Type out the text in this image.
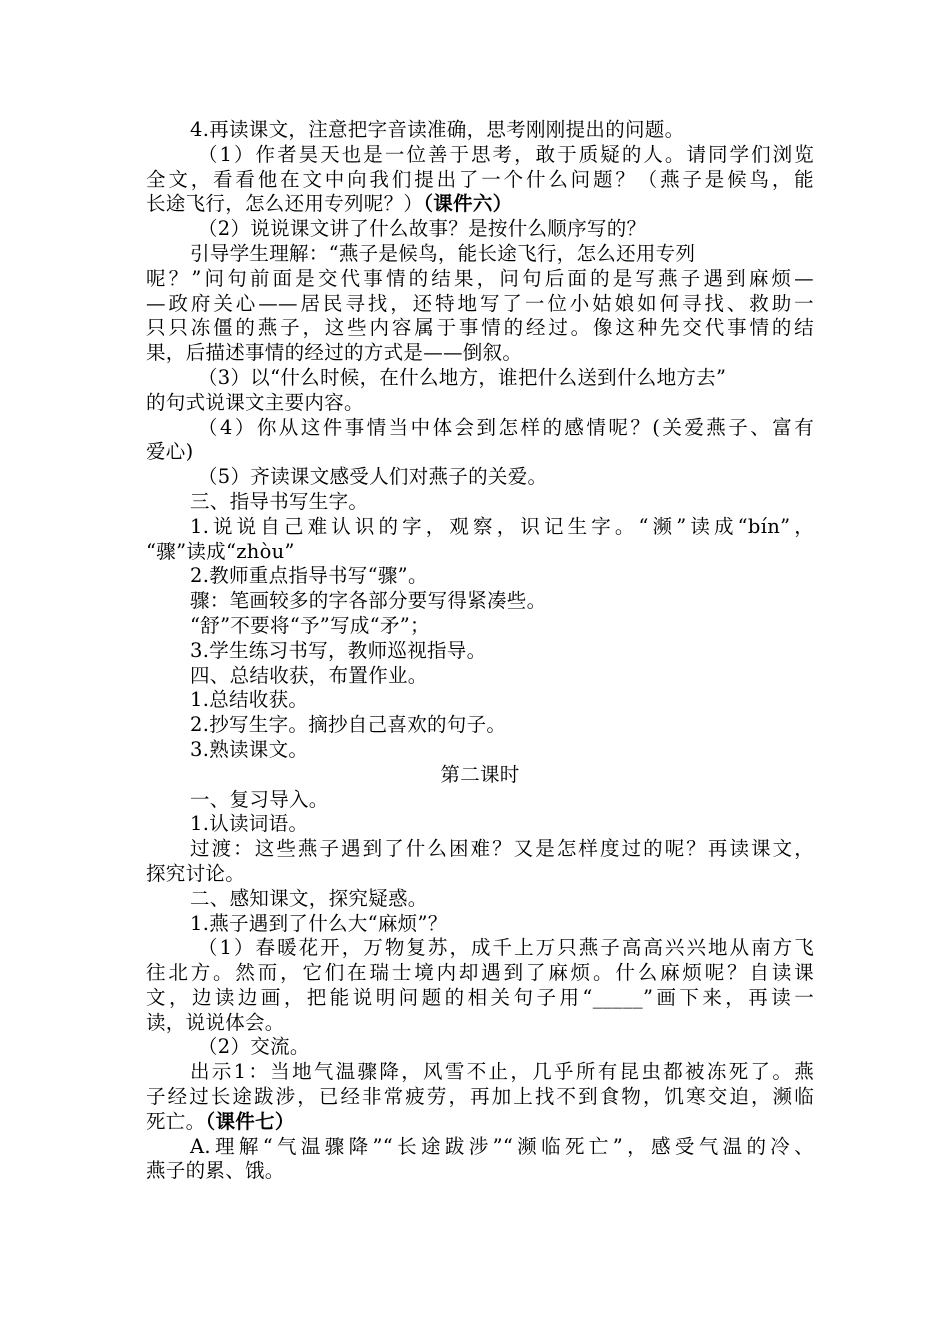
4.再读课文，注意把字音读准确，思考刚刚提出的问题。
（1）作者昊天也是一位善于思考，敢于质疑的人。请同学们浏览
全文，看看他在文中向我们提出了一个什么问题？（燕子是候鸟，能
长途飞行，怎么还用专列呢？）（课件六）
（2）说说课文讲了什么故事？是按什么顺序写的？
引导学生理解：“燕子是候鸟，能长途飞行，怎么还用专列
呢？”问句前面是交代事情的结果，问句后面的是写燕子遇到麻烦—
—政府关心——居民寻找，还特地写了一位小姑娘如何寻找、救助一
只只冻僵的燕子，这些内容属于事情的经过。像这种先交代事情的结
果，后描述事情的经过的方式是——倒叙。
（3）以“什么时候，在什么地方，谁把什么送到什么地方去”
的句式说课文主要内容。
（4）你从这件事情当中体会到怎样的感情呢？(关爱燕子、富有
爱心)
（5）齐读课文感受人们对燕子的关爱。
三、指导书写生字。
1.说说自己难认识的字，观察，识记生字。“濒”读成“bín”，
“骤”读成“zhòu”
2.教师重点指导书写“骤”。
骤：笔画较多的字各部分要写得紧凑些。
“舒”不要将“予”写成“矛”；
3.学生练习书写，教师巡视指导。
四、总结收获，布置作业。
1.总结收获。
2.抄写生字。摘抄自己喜欢的句子。
3.熟读课文。
第二课时
一、复习导入。
1.认读词语。
过渡：这些燕子遇到了什么困难？又是怎样度过的呢？再读课文，
探究讨论。
二、感知课文，探究疑惑。
1.燕子遇到了什么大“麻烦”？
（1）春暖花开，万物复苏，成千上万只燕子高高兴兴地从南方飞
往北方。然而，它们在瑞士境内却遇到了麻烦。什么麻烦呢？自读课
文，边读边画，把能说明问题的相关句子用“_____”画下来，再读一
读，说说体会。
（2）交流。
出示1：当地气温骤降，风雪不止，几乎所有昆虫都被冻死了。燕
子经过长途跋涉，已经非常疲劳，再加上找不到食物，饥寒交迫，濒临
死亡。（课件七）
A.理解“气温骤降”“长途跋涉”“濒临死亡”，感受气温的冷、
燕子的累、饿。
